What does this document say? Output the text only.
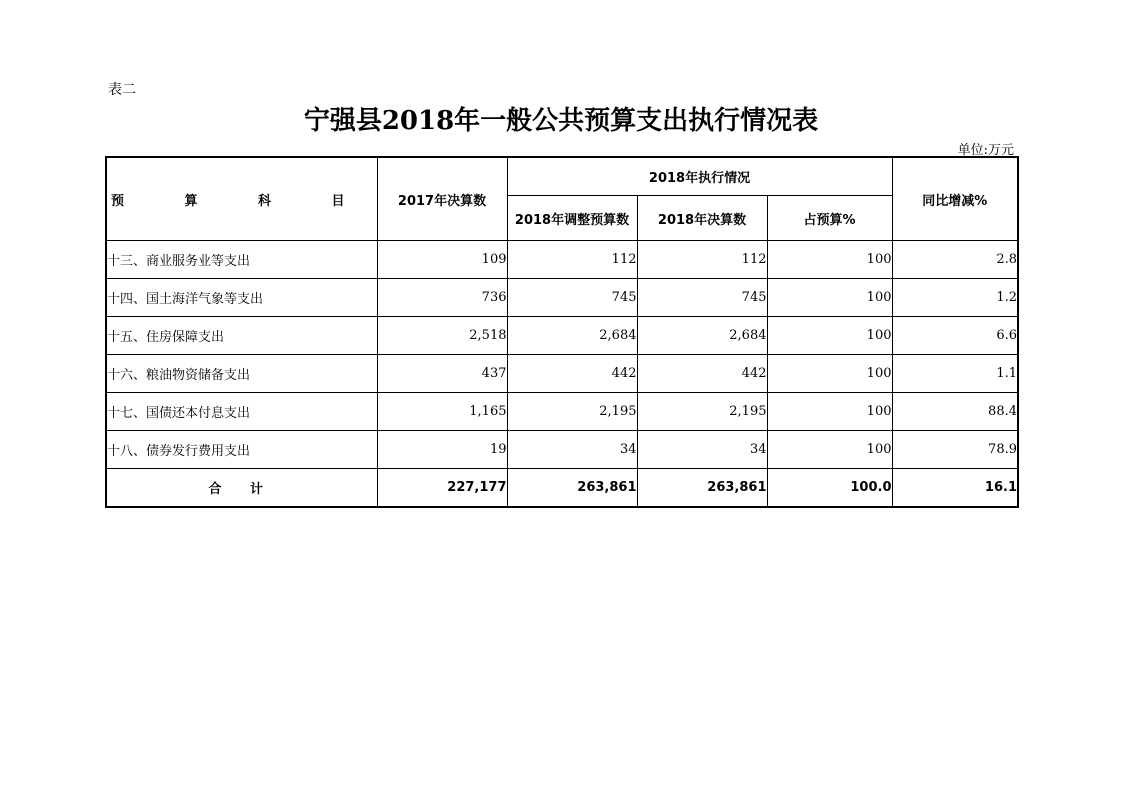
表二
宁强县2018年一般公共预算支出执行情况表
单位:万元
预 算 科 目	2017年决算数	2018年执行情况			同比增减%
		2018年调整预算数	2018年决算数	占预算%	
十三、商业服务业等支出	109	112	112	100	2.8
十四、国土海洋气象等支出	736	745	745	100	1.2
十五、住房保障支出	2,518	2,684	2,684	100	6.6
十六、粮油物资储备支出	437	442	442	100	1.1
十七、国债还本付息支出	1,165	2,195	2,195	100	88.4
十八、债券发行费用支出	19	34	34	100	78.9
合 计	227,177	263,861	263,861	100.0	16.1
